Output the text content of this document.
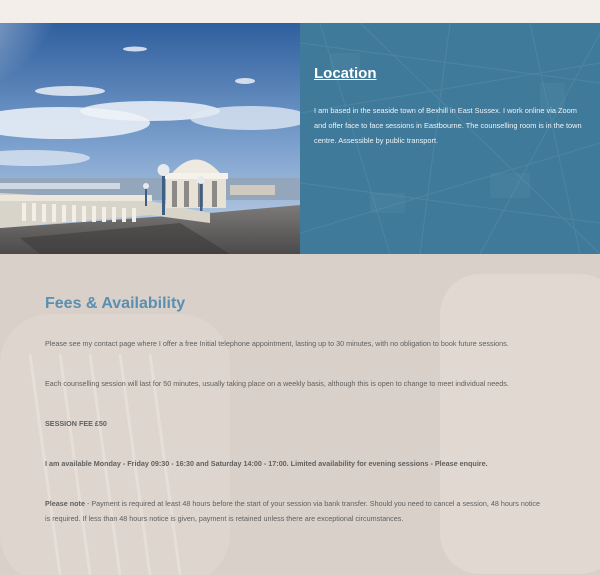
Location
I am based in the seaside town of Bexhill in East Sussex. I work online via Zoom and offer face to face sessions in Eastbourne. The counselling room is in the town centre. Assessible by public transport.
Fees & Availability
Please see my contact page where I offer a free Initial telephone appointment, lasting up to 30 minutes, with no obligation to book future sessions.
Each counselling session will last for 50 minutes, usually taking place on a weekly basis, although this is open to change to meet individual needs.
SESSION FEE £50
I am available Monday - Friday 09:30 - 16:30 and Saturday 14:00 - 17:00. Limited availability for evening sessions - Please enquire.
Please note - Payment is required at least 48 hours before the start of your session via bank transfer. Should you need to cancel a session, 48 hours notice is required. If less than 48 hours notice is given, payment is retained unless there are exceptional circumstances.
